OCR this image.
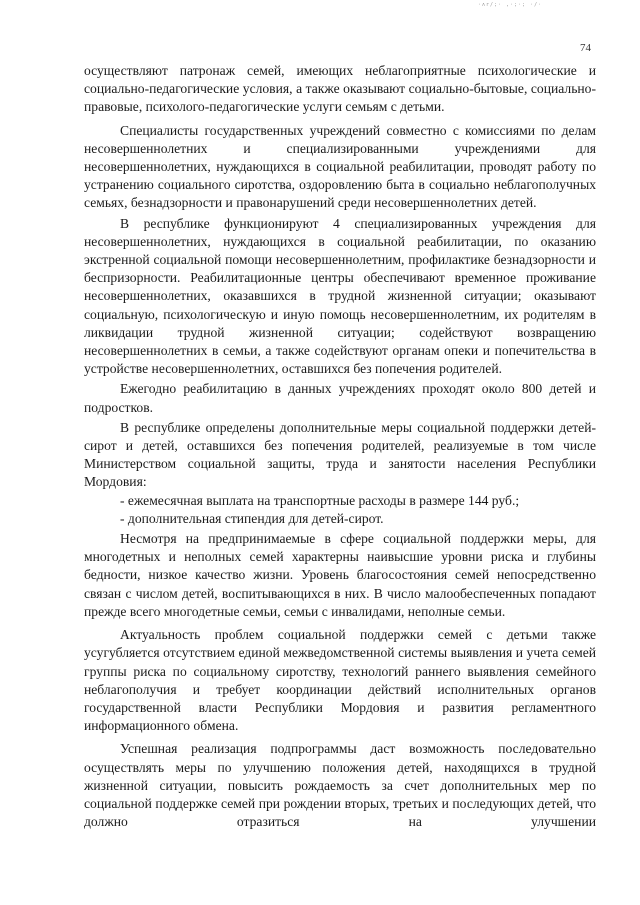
·ʌr/;· ,·;·; ·/·
74

осуществляют патронаж семей, имеющих неблагоприятные психологические и социально-педагогические условия, а также оказывают социально-бытовые, социально-правовые, психолого-педагогические услуги семьям с детьми.

Специалисты государственных учреждений совместно с комиссиями по делам несовершеннолетних и специализированными учреждениями для несовершеннолетних, нуждающихся в социальной реабилитации, проводят работу по устранению социального сиротства, оздоровлению быта в социально неблагополучных семьях, безнадзорности и правонарушений среди несовершеннолетних детей.

В республике функционируют 4 специализированных учреждения для несовершеннолетних, нуждающихся в социальной реабилитации, по оказанию экстренной социальной помощи несовершеннолетним, профилактике безнадзорности и беспризорности. Реабилитационные центры обеспечивают временное проживание несовершеннолетних, оказавшихся в трудной жизненной ситуации; оказывают социальную, психологическую и иную помощь несовершеннолетним, их родителям в ликвидации трудной жизненной ситуации; содействуют возвращению несовершеннолетних в семьи, а также содействуют органам опеки и попечительства в устройстве несовершеннолетних, оставшихся без попечения родителей.

Ежегодно реабилитацию в данных учреждениях проходят около 800 детей и подростков.

В республике определены дополнительные меры социальной поддержки детей-сирот и детей, оставшихся без попечения родителей, реализуемые в том числе Министерством социальной защиты, труда и занятости населения Республики Мордовия:

- ежемесячная выплата на транспортные расходы в размере 144 руб.;

- дополнительная стипендия для детей-сирот.

Несмотря на предпринимаемые в сфере социальной поддержки меры, для многодетных и неполных семей характерны наивысшие уровни риска и глубины бедности, низкое качество жизни. Уровень благосостояния семей непосредственно связан с числом детей, воспитывающихся в них. В число малообеспеченных попадают прежде всего многодетные семьи, семьи с инвалидами, неполные семьи.

Актуальность проблем социальной поддержки семей с детьми также усугубляется отсутствием единой межведомственной системы выявления и учета семей группы риска по социальному сиротству, технологий раннего выявления семейного неблагополучия и требует координации действий исполнительных органов государственной власти Республики Мордовия и развития регламентного информационного обмена.

Успешная реализация подпрограммы даст возможность последовательно осуществлять меры по улучшению положения детей, находящихся в трудной жизненной ситуации, повысить рождаемость за счет дополнительных мер по социальной поддержке семей при рождении вторых, третьих и последующих детей, что должно отразиться на улучшении
